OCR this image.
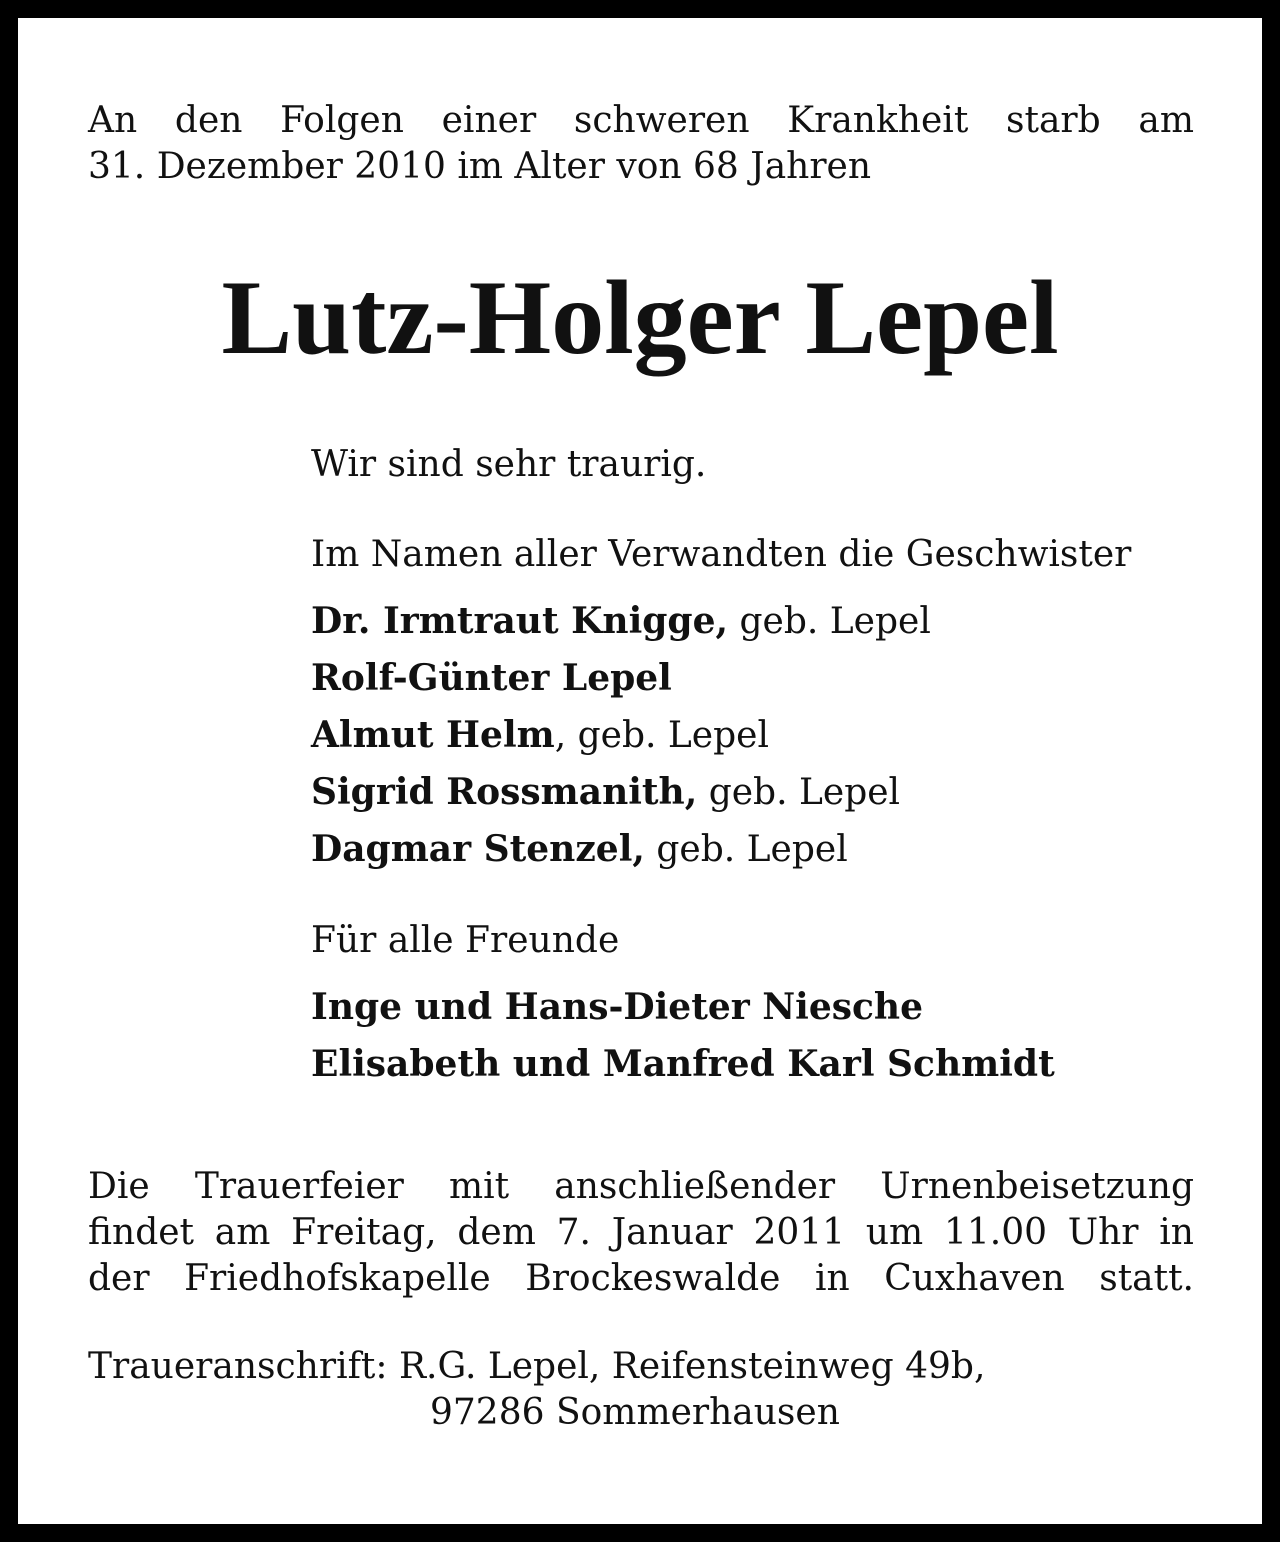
An den Folgen einer schweren Krankheit starb am
31. Dezember 2010 im Alter von 68 Jahren

Lutz-Holger Lepel

Wir sind sehr traurig.

Im Namen aller Verwandten die Geschwister

Dr. Irmtraut Knigge, geb. Lepel
Rolf-Günter Lepel
Almut Helm, geb. Lepel
Sigrid Rossmanith, geb. Lepel
Dagmar Stenzel, geb. Lepel

Für alle Freunde

Inge und Hans-Dieter Niesche
Elisabeth und Manfred Karl Schmidt

Die Trauerfeier mit anschließender Urnenbeisetzung
findet am Freitag, dem 7. Januar 2011 um 11.00 Uhr in
der Friedhofskapelle Brockeswalde in Cuxhaven statt.

Traueranschrift: R.G. Lepel, Reifensteinweg 49b,

97286 Sommerhausen
